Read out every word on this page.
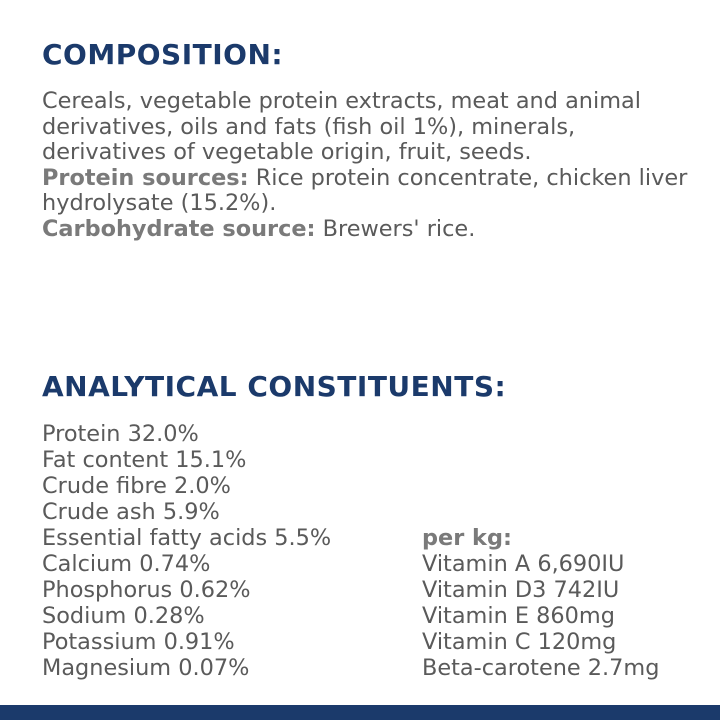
COMPOSITION:

Cereals, vegetable protein extracts, meat and animal derivatives, oils and fats (fish oil 1%), minerals, derivatives of vegetable origin, fruit, seeds.

Protein sources: Rice protein concentrate, chicken liver hydrolysate (15.2%).

Carbohydrate source: Brewers' rice.

ANALYTICAL CONSTITUENTS:
Protein 32.0%
Fat content 15.1%
Crude fibre 2.0%
Crude ash 5.9%
Essential fatty acids 5.5%
Calcium 0.74%
Phosphorus 0.62%
Sodium 0.28%
Potassium 0.91%
Magnesium 0.07%
per kg:
Vitamin A 6,690IU
Vitamin D3 742IU
Vitamin E 860mg
Vitamin C 120mg
Beta-carotene 2.7mg
